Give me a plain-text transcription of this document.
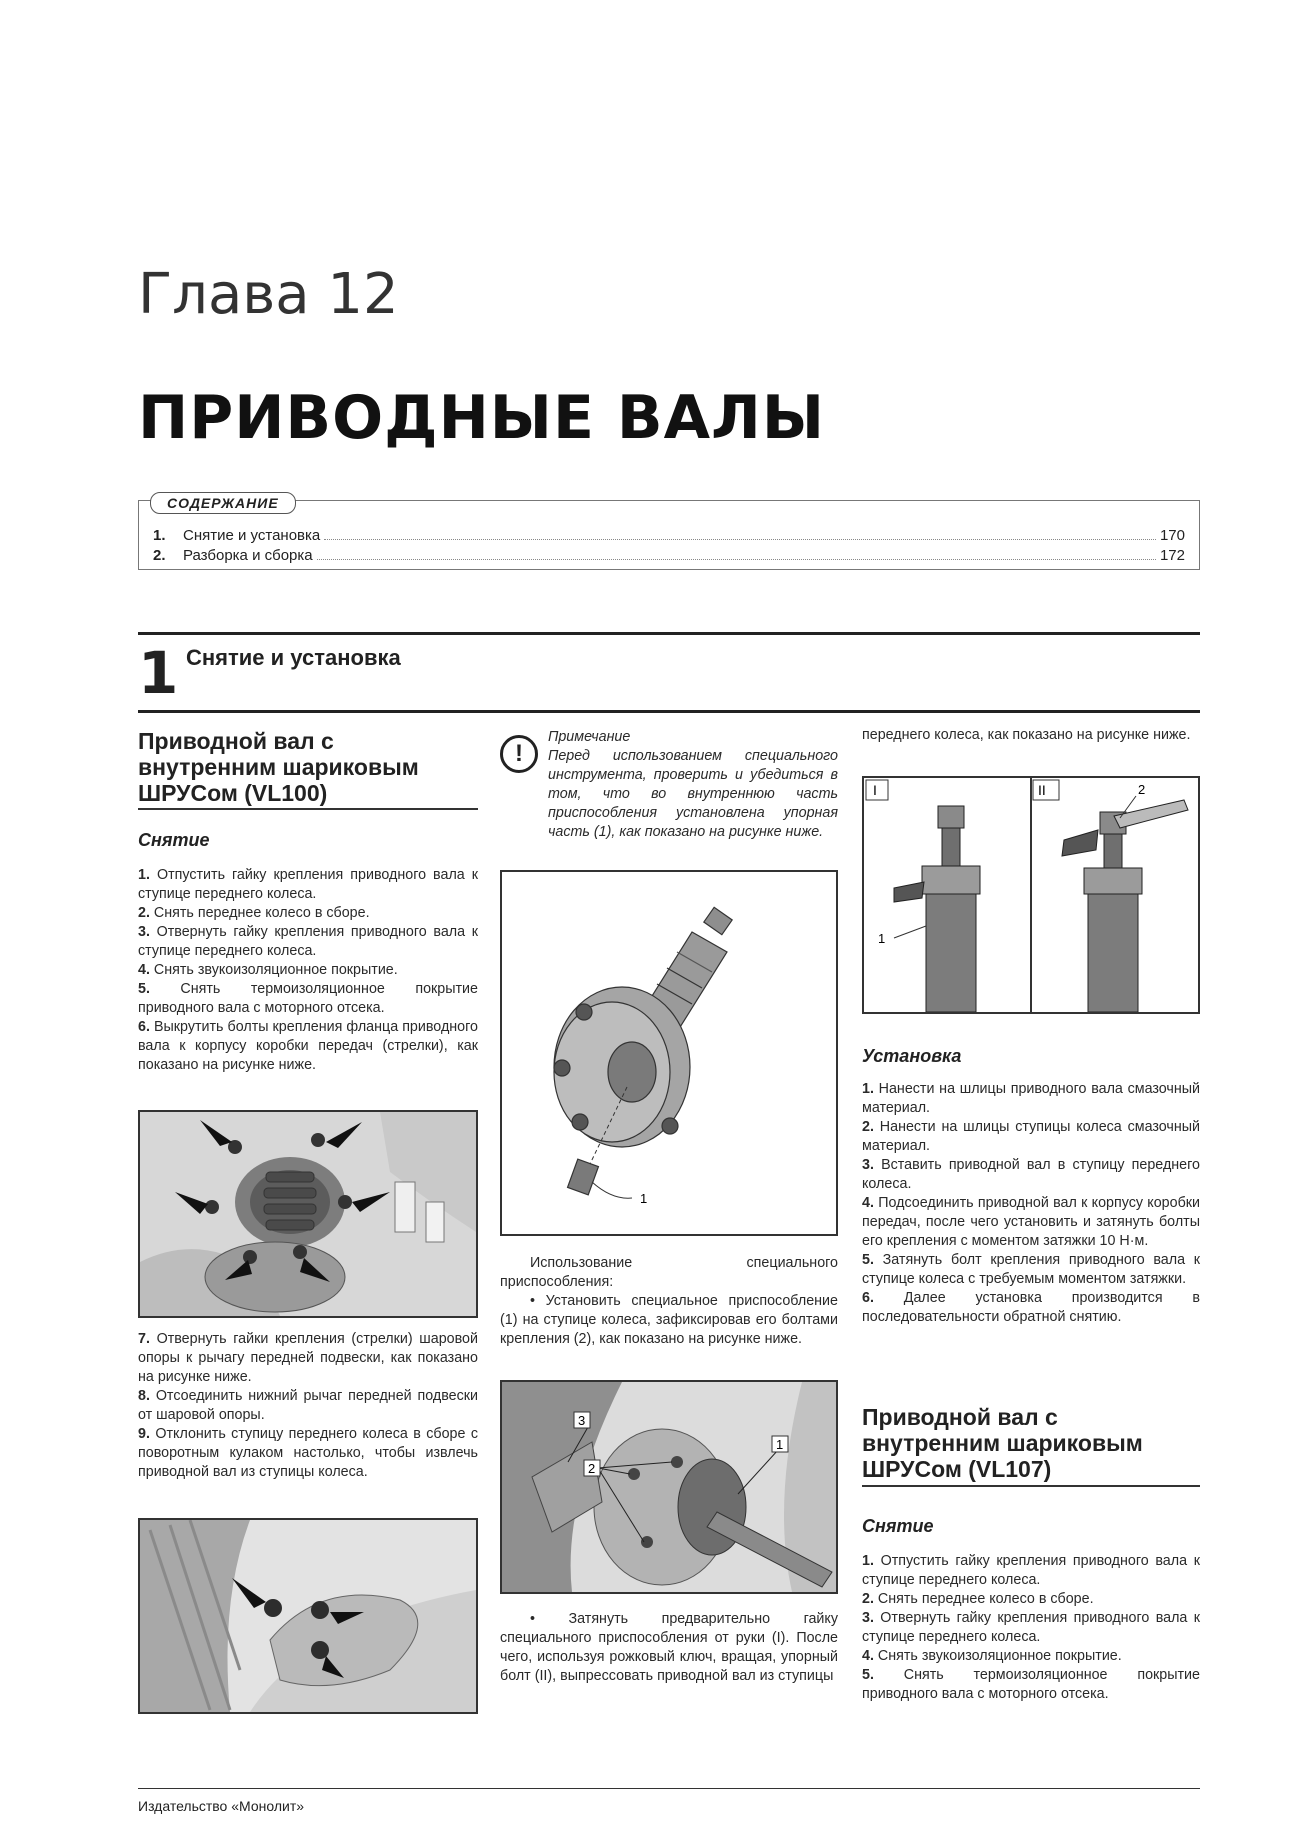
Глава 12
ПРИВОДНЫЕ ВАЛЫ
1.	Снятие и установка	170
2.	Разборка и сборка	172
СОДЕРЖАНИЕ
1 Снятие и установка
Приводной вал с
внутренним шариковым
ШРУСом (VL100)
Снятие

1. Отпустить гайку крепления приводного вала к ступице переднего колеса.

2. Снять переднее колесо в сборе.

3. Отвернуть гайку крепления приводного вала к ступице переднего колеса.

4. Снять звукоизоляционное покрытие.

5. Снять термоизоляционное покрытие приводного вала с моторного отсека.

6. Выкрутить болты крепления фланца приводного вала к корпусу коробки передач (стрелки), как показано на рисунке ниже.

7. Отвернуть гайки крепления (стрелки) шаровой опоры к рычагу передней подвески, как показано на рисунке ниже.

8. Отсоединить нижний рычаг передней подвески от шаровой опоры.

9. Отклонить ступицу переднего колеса в сборе с поворотным кулаком настолько, чтобы извлечь приводной вал из ступицы колеса.

!

Примечание

Перед использованием специального инструмента, проверить и убедиться в том, что во внутреннюю часть приспособления установлена упорная часть (1), как показано на рисунке ниже.

1

Использование специального приспособления:

• Установить специальное приспособление (1) на ступице колеса, зафиксировав его болтами крепления (2), как показано на рисунке ниже.

3
2
1

• Затянуть предварительно гайку специального приспособления от руки (I). После чего, используя рожковый ключ, вращая, упорный болт (II), выпрессовать приводной вал из ступицы

переднего колеса, как показано на рисунке ниже.
I	II
1
2
Установка

1. Нанести на шлицы приводного вала смазочный материал.

2. Нанести на шлицы ступицы колеса смазочный материал.

3. Вставить приводной вал в ступицу переднего колеса.

4. Подсоединить приводной вал к корпусу коробки передач, после чего установить и затянуть болты его крепления с моментом затяжки 10 Н·м.

5. Затянуть болт крепления приводного вала к ступице колеса с требуемым моментом затяжки.

6. Далее установка производится в последовательности обратной снятию.

Приводной вал с
внутренним шариковым
ШРУСом (VL107)
Снятие

1. Отпустить гайку крепления приводного вала к ступице переднего колеса.

2. Снять переднее колесо в сборе.

3. Отвернуть гайку крепления приводного вала к ступице переднего колеса.

4. Снять звукоизоляционное покрытие.

5. Снять термоизоляционное покрытие приводного вала с моторного отсека.

Издательство «Монолит»
